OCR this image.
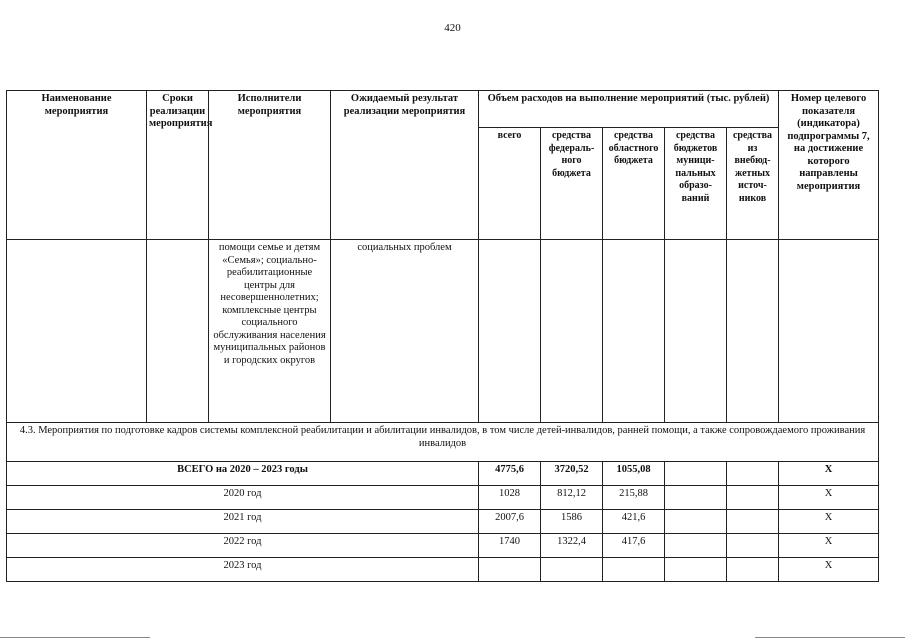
420
Наименование мероприятия	Сроки реализации мероприятия	Исполнители мероприятия	Ожидаемый результат реализации мероприятия	Объем расходов на выполнение мероприятий (тыс. рублей)					Номер целевого показателя (индикатора) подпрограммы 7, на достижение которого направлены мероприятия
				всего	средства федераль-ного бюджета	средства областного бюджета	средства бюджетов муници-пальных образо-ваний	средства из внебюд-жетных источ-ников	
		помощи семье и детям «Семья»; социально-реабилитационные центры для несовершеннолетних; комплексные центры социального обслуживания населения муниципальных районов и городских округов	социальных проблем						
4.3. Мероприятия по подготовке кадров системы комплексной реабилитации и абилитации инвалидов, в том числе детей-инвалидов, ранней помощи, а также сопровождаемого проживания инвалидов									
ВСЕГО на 2020 – 2023 годы				4775,6	3720,52	1055,08			Х
2020 год				1028	812,12	215,88			Х
2021 год				2007,6	1586	421,6			Х
2022 год				1740	1322,4	417,6			Х
2023 год									Х
